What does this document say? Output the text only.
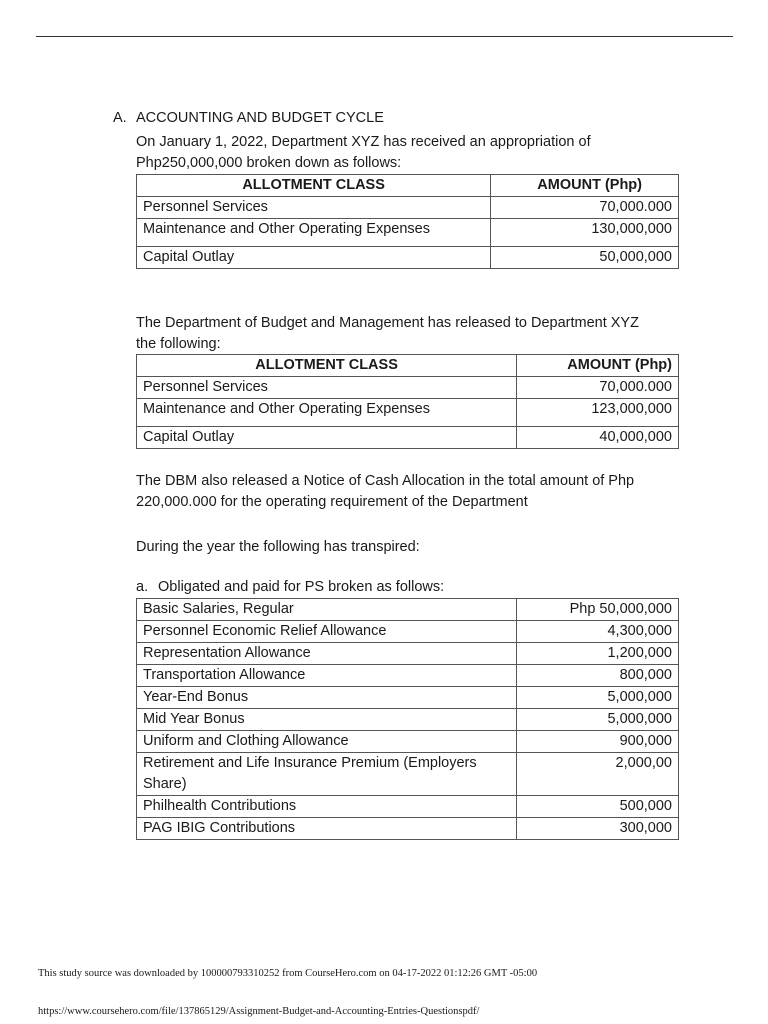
A. ACCOUNTING AND BUDGET CYCLE
On January 1, 2022, Department XYZ has received an appropriation of
Php250,000,000 broken down as follows:
ALLOTMENT CLASS	AMOUNT (Php)
Personnel Services	70,000.000
Maintenance and Other Operating Expenses	130,000,000
Capital Outlay	50,000,000
The Department of Budget and Management has released to Department XYZ
the following:
ALLOTMENT CLASS	AMOUNT (Php)
Personnel Services	70,000.000
Maintenance and Other Operating Expenses	123,000,000
Capital Outlay	40,000,000
The DBM also released a Notice of Cash Allocation in the total amount of Php
220,000.000 for the operating requirement of the Department
During the year the following has transpired:
a. Obligated and paid for PS broken as follows:
Basic Salaries, Regular	Php 50,000,000
Personnel Economic Relief Allowance	4,300,000
Representation Allowance	1,200,000
Transportation Allowance	800,000
Year-End Bonus	5,000,000
Mid Year Bonus	5,000,000
Uniform and Clothing Allowance	900,000
Retirement and Life Insurance Premium (Employers Share)	2,000,00
Philhealth Contributions	500,000
PAG IBIG Contributions	300,000
This study source was downloaded by 100000793310252 from CourseHero.com on 04-17-2022 01:12:26 GMT -05:00
https://www.coursehero.com/file/137865129/Assignment-Budget-and-Accounting-Entries-Questionspdf/
